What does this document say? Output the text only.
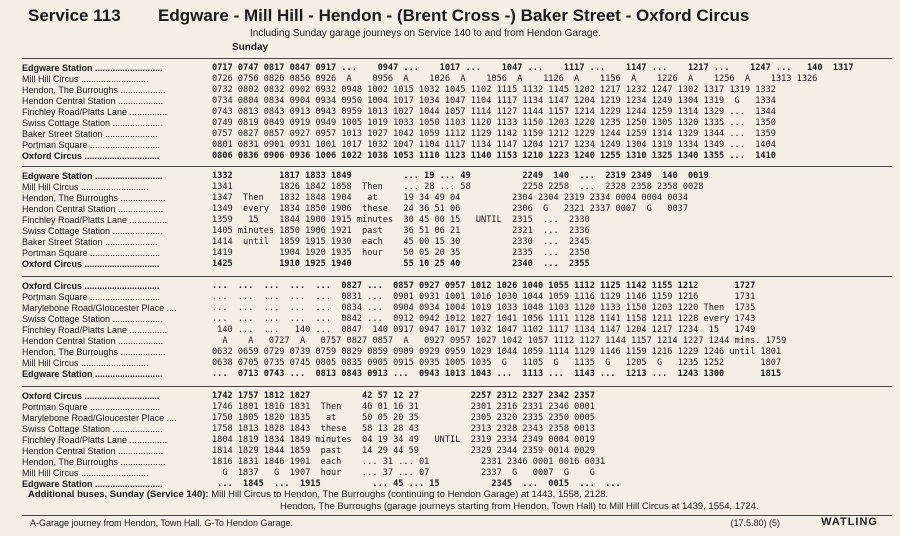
Service 113 Edgware - Mill Hill - Hendon - (Brent Cross -) Baker Street - Oxford Circus
Including Sunday garage journeys on Service 140 to and from Hendon Garage.
Sunday
Edgware Station ...........................	0717 0747 0817 0847 0917 ...    0947 ...    1017 ...    1047 ...    1117 ...    1147 ...    1217 ...    1247 ...   140  1317
Mill Hill Circus ...........................	0726 0756 0826 0856 0926  A    0956  A    1026  A    1056  A    1126  A    1156  A    1226  A    1256  A    1313 1326
Hendon, The Burroughs ..................	0732 0802 0832 0902 0932 0948 1002 1015 1032 1045 1102 1115 1132 1145 1202 1217 1232 1247 1302 1317 1319 1332
Hendon Central Station ..................	0734 0804 0834 0904 0934 0950 1004 1017 1034 1047 1104 1117 1134 1147 1204 1219 1234 1249 1304 1319  G   1334
Finchley Road/Platts Lane ...............	0743 0813 0843 0913 0943 0959 1013 1027 1044 1057 1114 1127 1144 1157 1214 1229 1244 1259 1314 1329 ...  1344
Swiss Cottage Station ....................	0749 0819 0849 0919 0949 1005 1019 1033 1050 1103 1120 1133 1150 1203 1220 1235 1250 1305 1320 1335 ...  1350
Baker Street Station .....................	0757 0827 0857 0927 0957 1013 1027 1042 1059 1112 1129 1142 1159 1212 1229 1244 1259 1314 1329 1344 ...  1359
Portman Square ............................	0801 0831 0901 0931 1001 1017 1032 1047 1104 1117 1134 1147 1204 1217 1234 1249 1304 1319 1334 1349 ...  1404
Oxford Circus ..............................	0806 0836 0906 0936 1006 1022 1038 1053 1110 1123 1140 1153 1210 1223 1240 1255 1310 1325 1340 1355 ...  1410
Edgware Station ...........................	1332         1817 1833 1849          ... 19 ... 49          2249  140  ...  2319 2349  140  0019
Mill Hill Circus ...........................	1341         1826 1842 1858  Then    ... 28 ... 58          2258 2258  ...  2328 2358 2358 0028
Hendon, The Burroughs ..................	1347  Then   1832 1848 1904   at     19 34 49 04          2304 2304 2319 2334 0004 0004 0034
Hendon Central Station ..................	1349  every  1834 1850 1906  these   24 36 51 06          2306  G   2321 2337 0007  G   0037
Finchley Road/Platts Lane ...............	1359   15    1844 1900 1915 minutes  30 45 00 15   UNTIL  2315  ...  2330
Swiss Cottage Station ....................	1405 minutes 1850 1906 1921  past    36 51 06 21          2321  ...  2336
Baker Street Station .....................	1414  until  1859 1915 1930  each    45 00 15 30          2330  ...  2345
Portman Square ............................	1419         1904 1920 1935  hour    50 05 20 35          2335  ...  2350
Oxford Circus ..............................	1425         1910 1925 1940          55 10 25 40          2340  ...  2355
Oxford Circus ..............................	...  ...  ...  ...  ...  0827 ...  0857 0927 0957 1012 1026 1040 1055 1112 1125 1142 1155 1212       1727
Portman Square ............................	...  ...  ...  ...  ...  0831 ...  0901 0931 1001 1016 1030 1044 1059 1116 1129 1146 1159 1216       1731
Marylebone Road/Gloucester Place ....	...  ...  ...  ...  ...  0834 ...  0904 0934 1004 1019 1033 1048 1103 1120 1133 1150 1203 1220 Then  1735
Swiss Cottage Station ....................	...  ...  ...  ...  ...  0842 ...  0912 0942 1012 1027 1041 1056 1111 1128 1141 1158 1211 1228 every 1743
Finchley Road/Platts Lane ...............	140 ...  ...   140 ...  0847  140 0917 0947 1017 1032 1047 1102 1117 1134 1147 1204 1217 1234  15   1749
Hendon Central Station ..................	A    A   0727  A   0757 0827 0857  A   0927 0957 1027 1042 1057 1112 1127 1144 1157 1214 1227 1244 mins. 1759
Hendon, The Burroughs ..................	0632 0659 0729 0739 0759 0829 0859 0909 0929 0959 1029 1044 1059 1114 1129 1146 1159 1216 1229 1246 until 1801
Mill Hill Circus ...........................	0638 0705 0735 0745 0805 0835 0905 0915 0935 1005 1035  G   1105  G   1135  G   1205  G   1235 1252       1807
Edgware Station ...........................	...  0713 0743 ...  0813 0843 0913 ...  0943 1013 1043 ...  1113 ...  1143 ...  1213 ...  1243 1300       1815
Oxford Circus ..............................	1742 1757 1812 1827          42 57 12 27          2257 2312 2327 2342 2357
Portman Square ............................	1746 1801 1816 1831  Then    46 01 16 31          2301 2316 2331 2346 0001
Marylebone Road/Gloucester Place ....	1750 1805 1820 1835   at     50 05 20 35          2305 2320 2335 2350 0005
Swiss Cottage Station ....................	1758 1813 1828 1843  these   58 13 28 43          2313 2328 2343 2358 0013
Finchley Road/Platts Lane ...............	1804 1819 1834 1849 minutes  04 19 34 49   UNTIL  2319 2334 2349 0004 0019
Hendon Central Station ..................	1814 1829 1844 1859  past    14 29 44 59          2329 2344 2359 0014 0029
Hendon, The Burroughs ..................	1816 1831 1846 1901  each    ... 31 ... 01          2331 2346 0001 0016 0031
Mill Hill Circus ...........................	G  1837   G  1907  hour    ... 37 ... 07          2337  G   0007  G    G
Edgware Station ...........................	...  1845  ...  1915          ... 45 ... 15          2345  ...  0015  ...  ...
Additional buses, Sunday (Service 140): Mill Hill Circus to Hendon, The Burroughs (continuing to Hendon Garage) at 1443, 1558, 2128.
Hendon, The Burroughs (garage journeys starting from Hendon, Town Hall) to Mill Hill Circus at 1439, 1554, 1724.
A-Garage journey from Hendon, Town Hall. G-To Hendon Garage.	(17.5.80) (5)	WATLING
